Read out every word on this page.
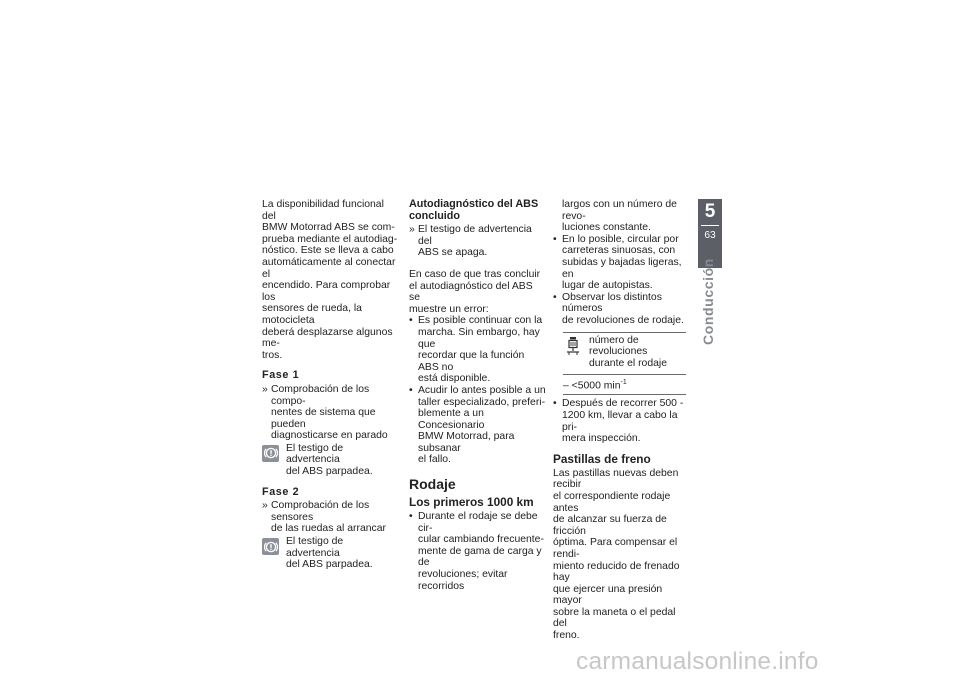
La disponibilidad funcional del
BMW Motorrad ABS se com-
prueba mediante el autodiag-
nóstico. Este se lleva a cabo
automáticamente al conectar el
encendido. Para comprobar los
sensores de rueda, la motocicleta
deberá desplazarse algunos me-
tros.

Fase 1
» Comprobación de los compo-
nentes de sistema que pueden
diagnosticarse en parado
El testigo de advertencia
del ABS parpadea.
Fase 2
» Comprobación de los sensores
de las ruedas al arrancar
El testigo de advertencia
del ABS parpadea.
Autodiagnóstico del ABS
concluido
» El testigo de advertencia del
ABS se apaga.

En caso de que tras concluir
el autodiagnóstico del ABS se
muestre un error:

• Es posible continuar con la
marcha. Sin embargo, hay que
recordar que la función ABS no
está disponible.
• Acudir lo antes posible a un
taller especializado, preferi-
blemente a un Concesionario
BMW Motorrad, para subsanar
el fallo.
Rodaje
Los primeros 1000 km
• Durante el rodaje se debe cir-
cular cambiando frecuente-
mente de gama de carga y de
revoluciones; evitar recorridos
largos con un número de revo-
luciones constante.
• En lo posible, circular por
carreteras sinuosas, con
subidas y bajadas ligeras, en
lugar de autopistas.
• Observar los distintos números
de revoluciones de rodaje.
número de revoluciones
durante el rodaje
– <5000 $\min^{-1}$
• Después de recorrer 500 -
1200 km, llevar a cabo la pri-
mera inspección.
Pastillas de freno

Las pastillas nuevas deben recibir
el correspondiente rodaje antes
de alcanzar su fuerza de fricción
óptima. Para compensar el rendi-
miento reducido de frenado hay
que ejercer una presión mayor
sobre la maneta o el pedal del
freno.

5
63
Conducción
carmanualsonline.info
